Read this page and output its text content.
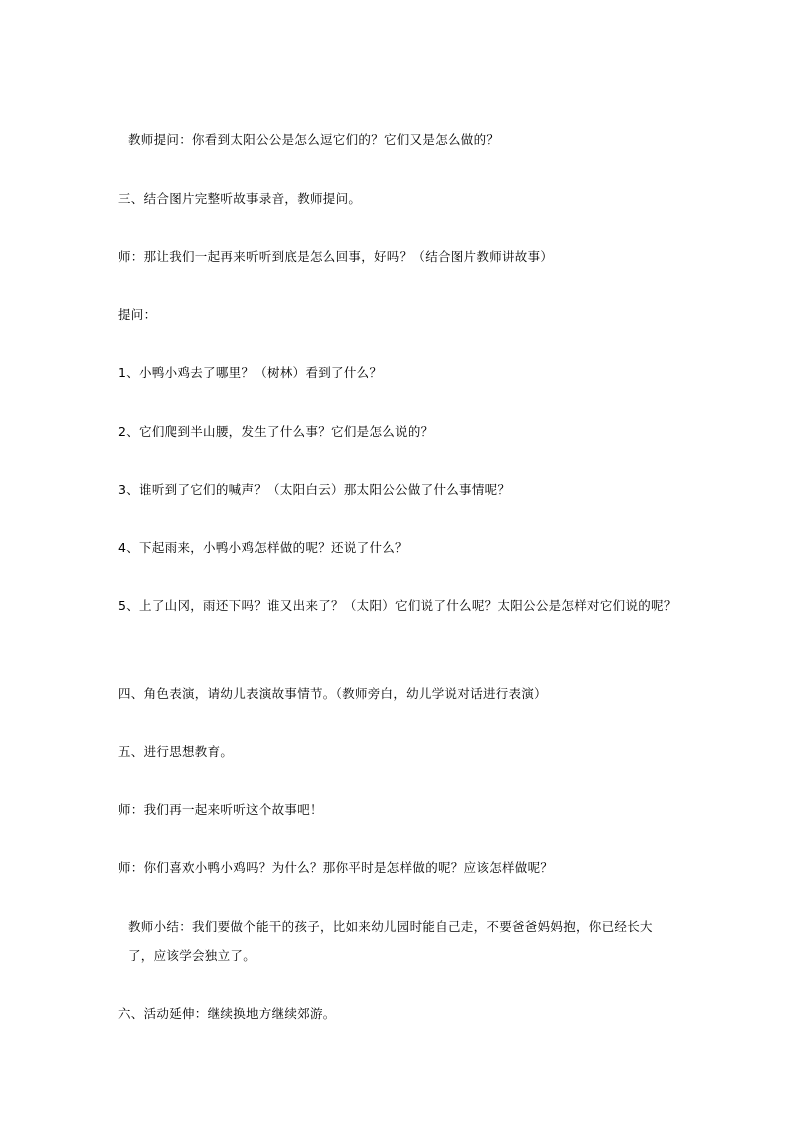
教师提问：你看到太阳公公是怎么逗它们的？它们又是怎么做的？
三、结合图片完整听故事录音，教师提问。
师：那让我们一起再来听听到底是怎么回事，好吗？（结合图片教师讲故事）
提问：
1、小鸭小鸡去了哪里？（树林）看到了什么？
2、它们爬到半山腰，发生了什么事？它们是怎么说的？
3、谁听到了它们的喊声？（太阳白云）那太阳公公做了什么事情呢？
4、下起雨来，小鸭小鸡怎样做的呢？还说了什么？
5、上了山冈，雨还下吗？谁又出来了？（太阳）它们说了什么呢？太阳公公是怎样对它们说的呢？
四、角色表演，请幼儿表演故事情节。（教师旁白，幼儿学说对话进行表演）
五、进行思想教育。
师：我们再一起来听听这个故事吧！
师：你们喜欢小鸭小鸡吗？为什么？那你平时是怎样做的呢？应该怎样做呢？
教师小结：我们要做个能干的孩子，比如来幼儿园时能自己走，不要爸爸妈妈抱，你已经长大了，应该学会独立了。
六、活动延伸：继续换地方继续郊游。
